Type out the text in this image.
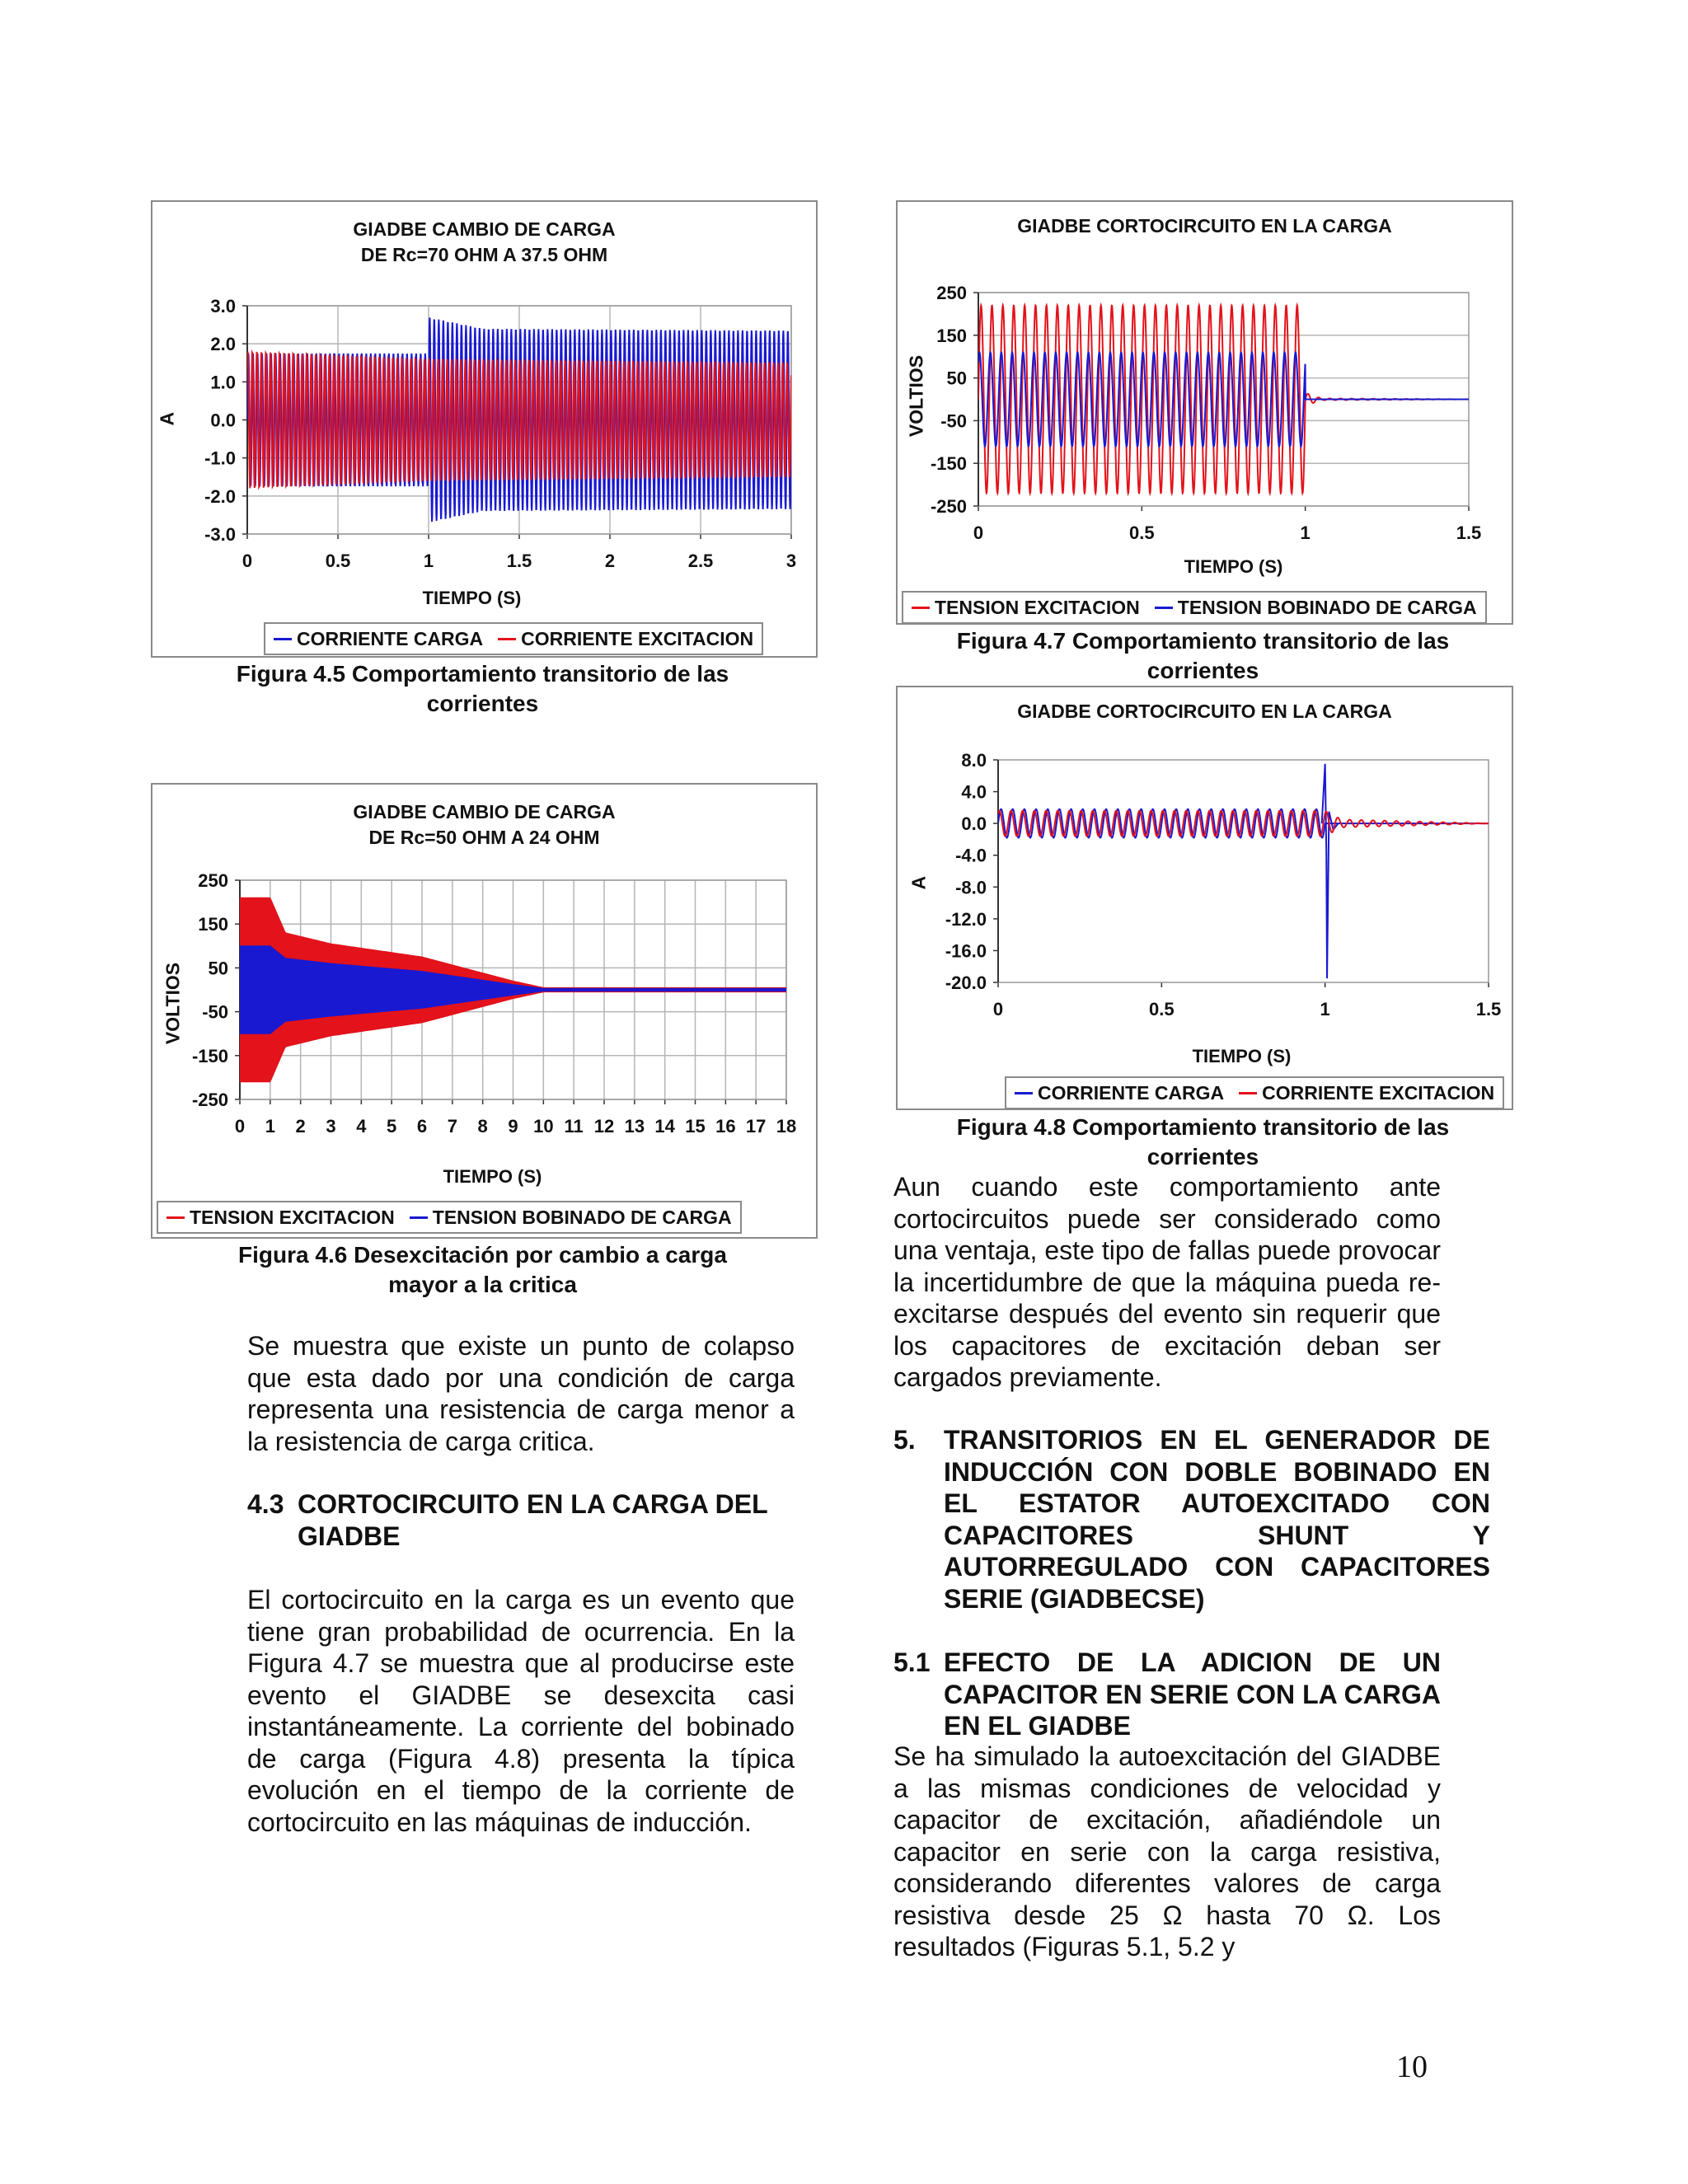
GIADBE CAMBIO DE CARGA
DE Rc=70 OHM A 37.5 OHM
3.0
2.0
1.0
0.0
-1.0
-2.0
-3.0
0	0.5	1	1.5	2	2.5	3
A
TIEMPO (S)
CORRIENTE CARGA CORRIENTE EXCITACION
Figura 4.5 Comportamiento transitorio de las
corrientes
GIADBE CAMBIO DE CARGA
DE Rc=50 OHM A 24 OHM
250
150
50
-50
-150
-250
0 1 2 3 4 5 6 7 8 9 10 11 12 13 14 15 16 17 18
VOLTIOS
TIEMPO (S)
TENSION EXCITACION TENSION BOBINADO DE CARGA
Figura 4.6 Desexcitación por cambio a carga
mayor a la critica
GIADBE CORTOCIRCUITO EN LA CARGA
250
150
50
-50
-150
-250
0	0.5	1	1.5
VOLTIOS
TIEMPO (S)
TENSION EXCITACION TENSION BOBINADO DE CARGA
Figura 4.7 Comportamiento transitorio de las
corrientes
GIADBE CORTOCIRCUITO EN LA CARGA
8.0
4.0
0.0
-4.0
-8.0
-12.0
-16.0
-20.0
0	0.5	1	1.5
A
TIEMPO (S)
CORRIENTE CARGA CORRIENTE EXCITACION
Figura 4.8 Comportamiento transitorio de las
corrientes
Se muestra que existe un punto de colapso que esta dado por una condición de carga representa una resistencia de carga menor a la resistencia de carga critica.
4.3 CORTOCIRCUITO EN LA CARGA DEL GIADBE
El cortocircuito en la carga es un evento que tiene gran probabilidad de ocurrencia. En la Figura 4.7 se muestra que al producirse este evento el GIADBE se desexcita casi instantáneamente. La corriente del bobinado de carga (Figura 4.8) presenta la típica evolución en el tiempo de la corriente de cortocircuito en las máquinas de inducción.
Aun cuando este comportamiento ante cortocircuitos puede ser considerado como una ventaja, este tipo de fallas puede provocar la incertidumbre de que la máquina pueda re-excitarse después del evento sin requerir que los capacitores de excitación deban ser cargados previamente.
5. TRANSITORIOS EN EL GENERADOR DE INDUCCIÓN CON DOBLE BOBINADO EN EL ESTATOR AUTOEXCITADO CON CAPACITORES SHUNT Y AUTORREGULADO CON CAPACITORES SERIE (GIADBECSE)
5.1 EFECTO DE LA ADICION DE UN CAPACITOR EN SERIE CON LA CARGA EN EL GIADBE
Se ha simulado la autoexcitación del GIADBE a las mismas condiciones de velocidad y capacitor de excitación, añadiéndole un capacitor en serie con la carga resistiva, considerando diferentes valores de carga resistiva desde 25 Ω hasta 70 Ω. Los resultados (Figuras 5.1, 5.2 y
10
